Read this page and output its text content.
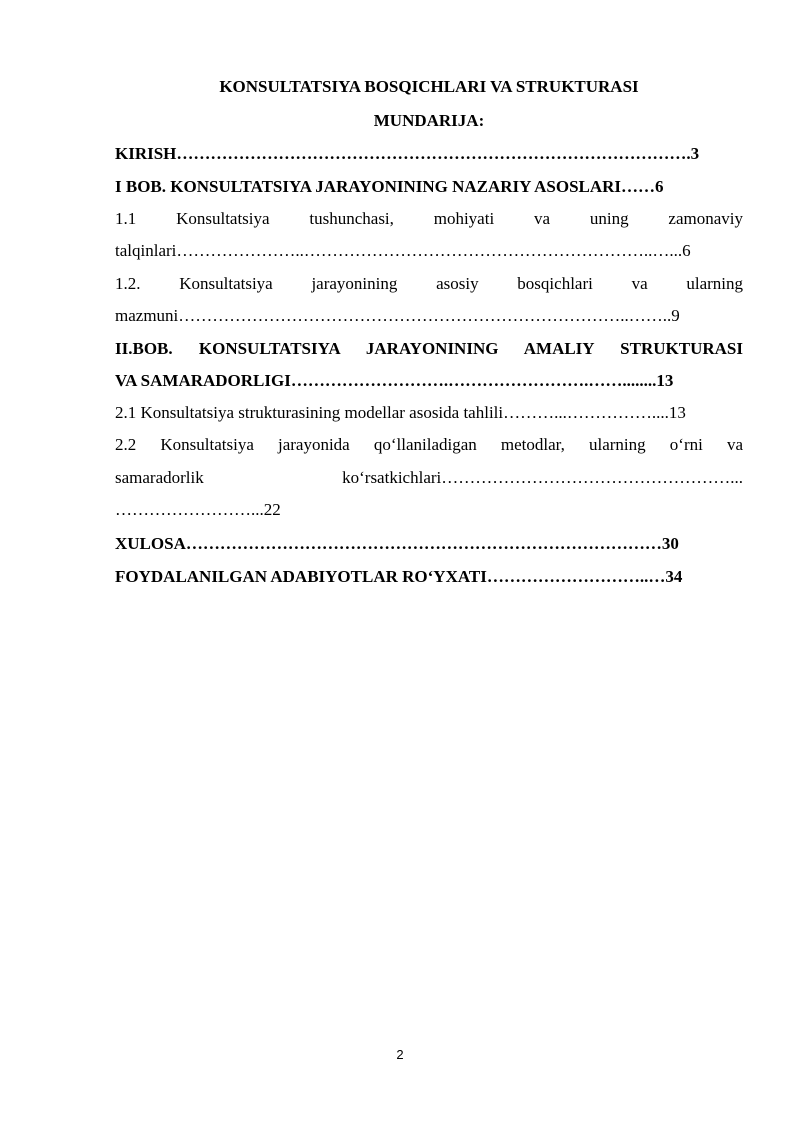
KONSULTATSIYA BOSQICHLARI VA STRUKTURASI
MUNDARIJA:
KIRISH……………………………………………………………………………….3
I BOB. KONSULTATSIYA JARAYONINING NAZARIY ASOSLARI……6
1.1 Konsultatsiya tushunchasi, mohiyati va uning zamonaviy
talqinlari…………………..……………………………………………………..…...6
1.2. Konsultatsiya jarayonining asosiy bosqichlari va ularning
mazmuni……………………………………………………………………..……..9
II.BOB. KONSULTATSIYA JARAYONINING AMALIY STRUKTURASI
VA SAMARADORLIGI……………………….…………………….……........13
2.1 Konsultatsiya strukturasining modellar asosida tahlili………...……………....13
2.2 Konsultatsiya jarayonida qo‘llaniladigan metodlar, ularning o‘rni va
samaradorlik ko‘rsatkichlari……………………………………………...
……………………...22
XULOSA…………………………………………………………………………30
FOYDALANILGAN ADABIYOTLAR RO‘YXATI………………………..…34
2
